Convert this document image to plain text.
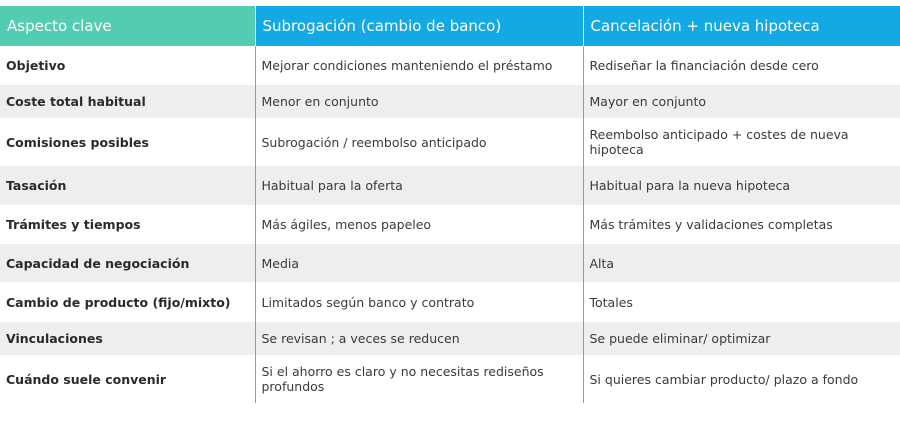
Aspecto clave	Subrogación (cambio de banco)	Cancelación + nueva hipoteca
Objetivo	Mejorar condiciones manteniendo el préstamo	Rediseñar la financiación desde cero
Coste total habitual	Menor en conjunto	Mayor en conjunto
Comisiones posibles	Subrogación / reembolso anticipado	Reembolso anticipado + costes de nueva hipoteca
Tasación	Habitual para la oferta	Habitual para la nueva hipoteca
Trámites y tiempos	Más ágiles, menos papeleo	Más trámites y validaciones completas
Capacidad de negociación	Media	Alta
Cambio de producto (fijo/mixto)	Limitados según banco y contrato	Totales
Vinculaciones	Se revisan ; a veces se reducen	Se puede eliminar/ optimizar
Cuándo suele convenir	Si el ahorro es claro y no necesitas rediseños profundos	Si quieres cambiar producto/ plazo a fondo
